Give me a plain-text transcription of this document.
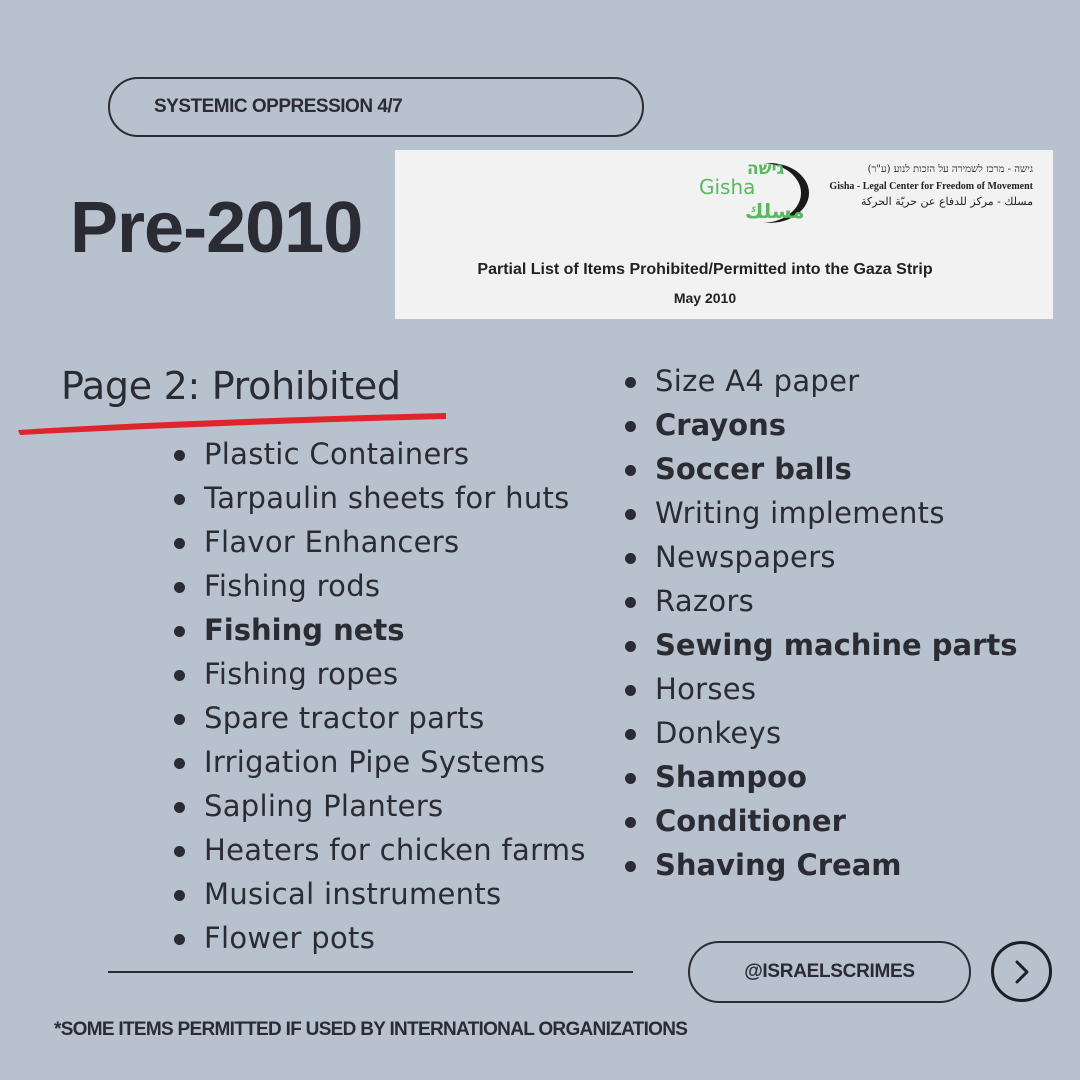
SYSTEMIC OPPRESSION 4/7
Pre-2010
גישה
Gisha
مسلك
גישה - מרכז לשמירה על הזכות לנוע (ע"ר)
Gisha - Legal Center for Freedom of Movement
مسلك - مركز للدفاع عن حريّة الحركة
Partial List of Items Prohibited/Permitted into the Gaza Strip
May 2010
Page 2: Prohibited
Plastic Containers
Tarpaulin sheets for huts
Flavor Enhancers
Fishing rods
Fishing nets
Fishing ropes
Spare tractor parts
Irrigation Pipe Systems
Sapling Planters
Heaters for chicken farms
Musical instruments
Flower pots
Size A4 paper
Crayons
Soccer balls
Writing implements
Newspapers
Razors
Sewing machine parts
Horses
Donkeys
Shampoo
Conditioner
Shaving Cream
@ISRAELSCRIMES
*SOME ITEMS PERMITTED IF USED BY INTERNATIONAL ORGANIZATIONS
